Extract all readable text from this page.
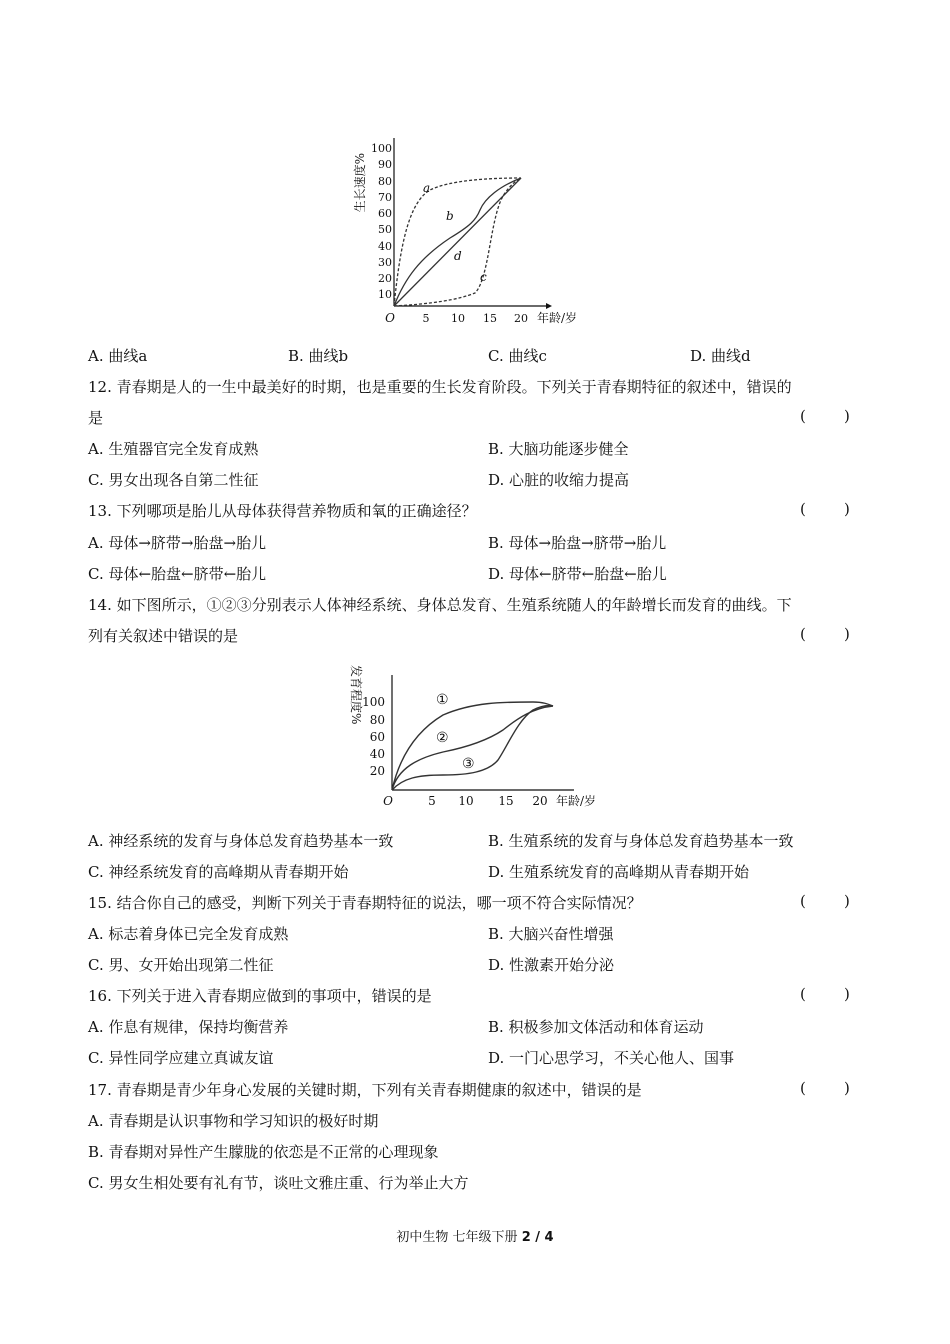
生长速度%
10
20
30
40
50
60
70
80
90
100
O	5 10 15 20 年龄/岁
a
b
c
d
A. 曲线a	B. 曲线b	C. 曲线c	D. 曲线d
12. 青春期是人的一生中最美好的时期，也是重要的生长发育阶段。下列关于青春期特征的叙述中，错误的
是	(        )
A. 生殖器官完全发育成熟	B. 大脑功能逐步健全
C. 男女出现各自第二性征	D. 心脏的收缩力提高
13. 下列哪项是胎儿从母体获得营养物质和氧的正确途径？	(        )
A. 母体→脐带→胎盘→胎儿	B. 母体→胎盘→脐带→胎儿
C. 母体←胎盘←脐带←胎儿	D. 母体←脐带←胎盘←胎儿
14. 如下图所示，①②③分别表示人体神经系统、身体总发育、生殖系统随人的年龄增长而发育的曲线。下
列有关叙述中错误的是	(        )
发育程度%
20
40
60
80
100
O	5 10 15 20 年龄/岁
①
②
③
A. 神经系统的发育与身体总发育趋势基本一致	B. 生殖系统的发育与身体总发育趋势基本一致
C. 神经系统发育的高峰期从青春期开始	D. 生殖系统发育的高峰期从青春期开始
15. 结合你自己的感受，判断下列关于青春期特征的说法，哪一项不符合实际情况？	(        )
A. 标志着身体已完全发育成熟	B. 大脑兴奋性增强
C. 男、女开始出现第二性征	D. 性激素开始分泌
16. 下列关于进入青春期应做到的事项中，错误的是	(        )
A. 作息有规律，保持均衡营养	B. 积极参加文体活动和体育运动
C. 异性同学应建立真诚友谊	D. 一门心思学习，不关心他人、国事
17. 青春期是青少年身心发展的关键时期，下列有关青春期健康的叙述中，错误的是	(        )
A. 青春期是认识事物和学习知识的极好时期
B. 青春期对异性产生朦胧的依恋是不正常的心理现象
C. 男女生相处要有礼有节，谈吐文雅庄重、行为举止大方
初中生物 七年级下册 2 / 4
